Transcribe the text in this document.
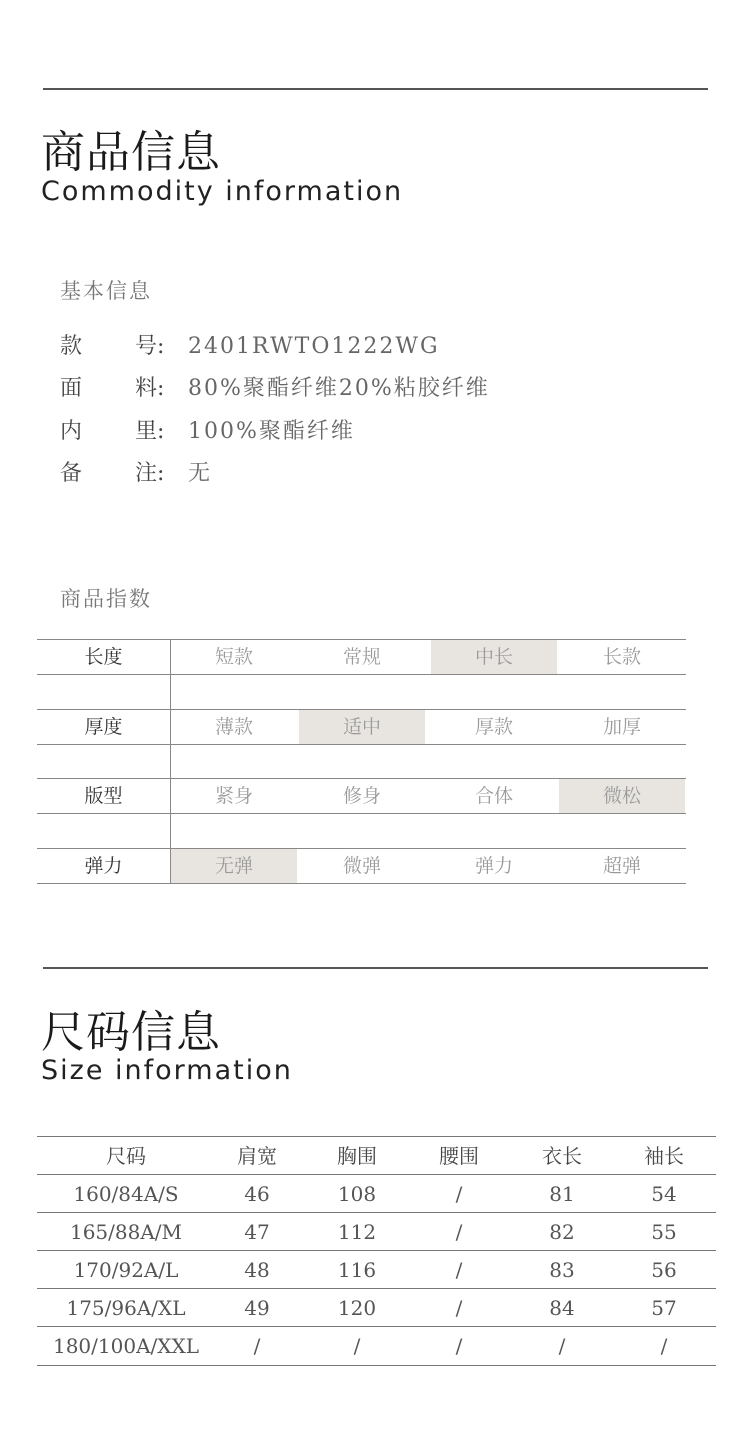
商品信息
Commodity information
基本信息
款 号: 2401RWTO1222WG
面 料: 80%聚酯纤维20%粘胶纤维
内 里: 100%聚酯纤维
备 注: 无
商品指数
长度	短款	常规	中长	长款
厚度	薄款	适中	厚款	加厚
版型	紧身	修身	合体	微松
弹力	无弹	微弹	弹力	超弹
尺码信息
Size information
尺码	肩宽	胸围	腰围	衣长	袖长
160/84A/S	46	108	/	81	54
165/88A/M	47	112	/	82	55
170/92A/L	48	116	/	83	56
175/96A/XL	49	120	/	84	57
180/100A/XXL	/	/	/	/	/
